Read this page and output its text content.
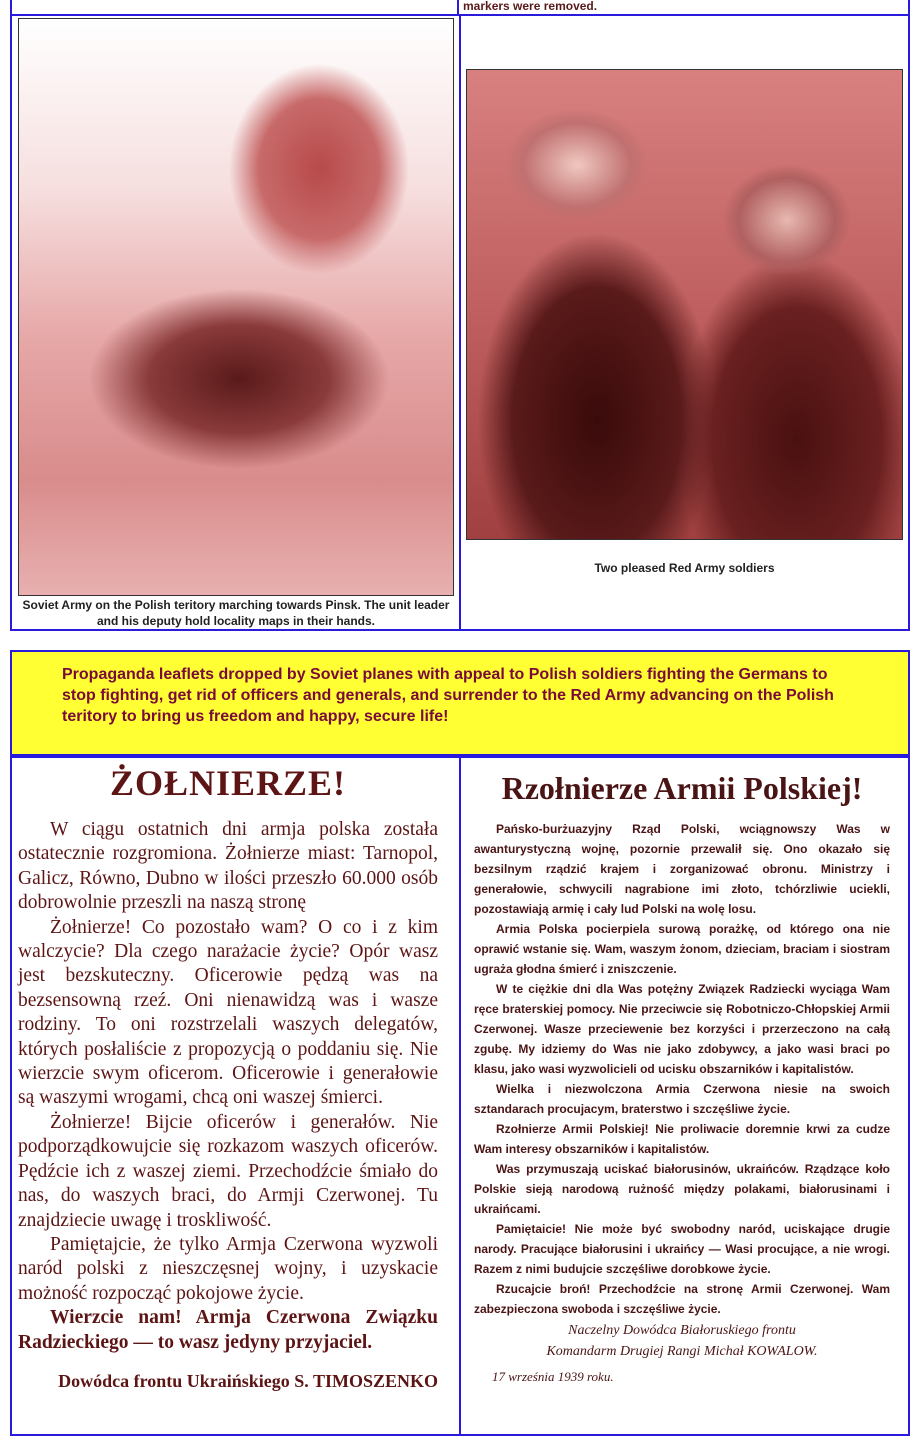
markers were removed.
Soviet Army on the Polish teritory marching towards Pinsk. The unit leader and his deputy hold locality maps in their hands.
Two pleased Red Army soldiers

Propaganda leaflets dropped by Soviet planes with appeal to Polish soldiers fighting the Germans to stop fighting, get rid of officers and generals, and surrender to the Red Army advancing on the Polish teritory to bring us freedom and happy, secure life!

ŻOŁNIERZE!

W ciągu ostatnich dni armja polska została ostatecznie rozgromiona. Żołnierze miast: Tarnopol, Galicz, Równo, Dubno w ilości przeszło 60.000 osób dobrowolnie przeszli na naszą stronę

Żołnierze! Co pozostało wam? O co i z kim walczycie? Dla czego narażacie życie? Opór wasz jest bezskuteczny. Oficerowie pędzą was na bezsensowną rzeź. Oni nienawidzą was i wasze rodziny. To oni rozstrzelali waszych delegatów, których posłaliście z propozycją o poddaniu się. Nie wierzcie swym oficerom. Oficerowie i generałowie są waszymi wrogami, chcą oni waszej śmierci.

Żołnierze! Bijcie oficerów i generałów. Nie podporządkowujcie się rozkazom waszych oficerów. Pędźcie ich z waszej ziemi. Przechodźcie śmiało do nas, do waszych braci, do Armji Czerwonej. Tu znajdziecie uwagę i troskliwość.

Pamiętajcie, że tylko Armja Czerwona wyzwoli naród polski z nieszczęsnej wojny, i uzyskacie możność rozpocząć pokojowe życie.

Wierzcie nam! Armja Czerwona Związku Radzieckiego — to wasz jedyny przyjaciel.

Dowódca frontu Ukraińskiego S. TIMOSZENKO

Rzołnierze Armii Polskiej!

Pańsko-burżuazyjny Rząd Polski, wciągnowszy Was w awanturystyczną wojnę, pozornie przewalił się. Ono okazało się bezsilnym rządzić krajem i zorganizować obronu. Ministrzy i generałowie, schwycili nagrabione imi złoto, tchórzliwie uciekli, pozostawiają armię i cały lud Polski na wolę losu.

Armia Polska pocierpiela surową porażkę, od którego ona nie oprawić wstanie się. Wam, waszym żonom, dzieciam, braciam i siostram ugraża głodna śmierć i zniszczenie.

W te ciężkie dni dla Was potężny Związek Radziecki wyciąga Wam ręce braterskiej pomocy. Nie przeciwcie się Robotniczo-Chłopskiej Armii Czerwonej. Wasze przeciewenie bez korzyści i przerzeczono na całą zgubę. My idziemy do Was nie jako zdobywcy, a jako wasi braci po klasu, jako wasi wyzwolicieli od ucisku obszarników i kapitalistów.

Wielka i niezwolczona Armia Czerwona niesie na swoich sztandarach procujacym, braterstwo i szczęśliwe życie.

Rzołnierze Armii Polskiej! Nie proliwacie doremnie krwi za cudze Wam interesy obszarników i kapitalistów.

Was przymuszają uciskać białorusinów, ukraińców. Rządzące koło Polskie sieją narodową rużność między polakami, białorusinami i ukraińcami.

Pamiętaicie! Nie może być swobodny naród, uciskające drugie narody. Pracujące białorusini i ukraińcy — Wasi procujące, a nie wrogi. Razem z nimi budujcie szczęśliwe dorobkowe życie.

Rzucajcie broń! Przechodźcie na stronę Armii Czerwonej. Wam zabezpieczona swoboda i szczęśliwe życie.

Naczelny Dowódca Białoruskiego frontu

Komandarm Drugiej Rangi Michał KOWALOW.

17 września 1939 roku.
